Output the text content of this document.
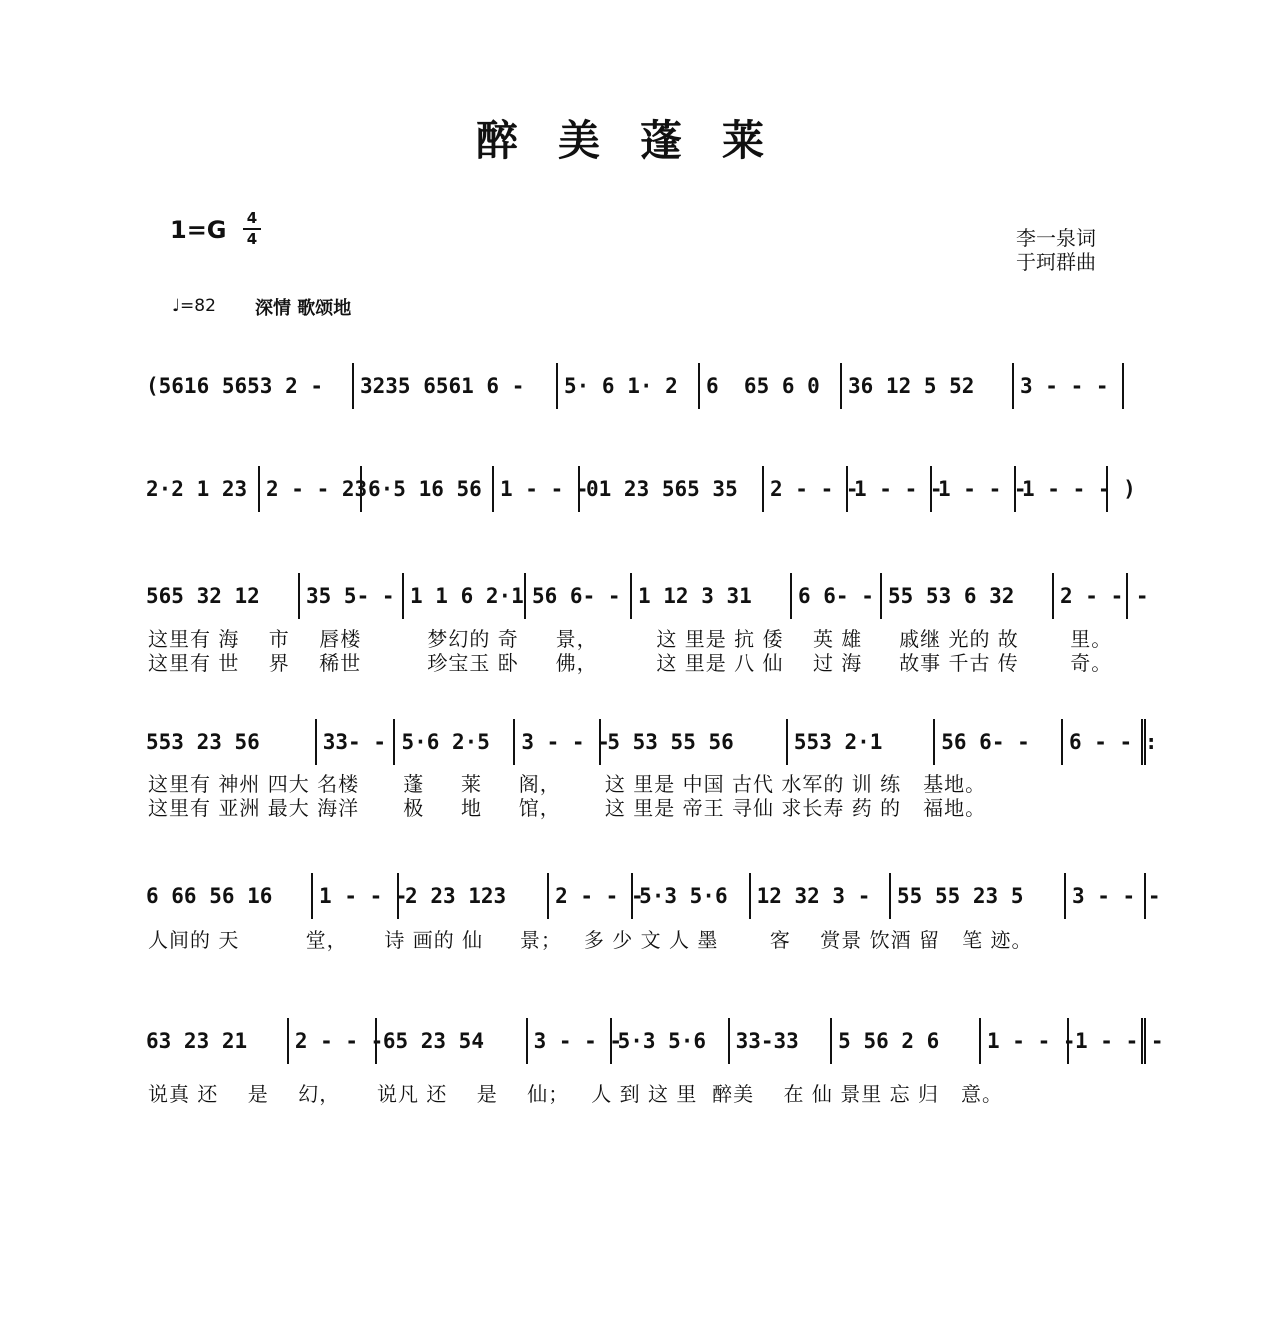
醉美蓬莱
1=G 4
4	李一泉词
于珂群曲
♩=82 深情 歌颂地
(5616 5653 2 -	3235 6561 6 -	5· 6 1· 2	6  65 6 0	36 12 5 52	3 - - -
2·2 1 23 2 - - 23 6·5 16 56 1 - - -
01 23 565 35	2 - - -
1 - - -
1 - - -
1 - - - )
565 32 12	35 5- - 1 1 6 2·1 56 6- - 1 12 3 31	6 6- - 55 53 6 32	2 - - -
这里有 海    市    唇楼         梦幻的 奇     景，        这 里是 抗 倭    英 雄     戚继 光的 故       里。
这里有 世    界    稀世         珍宝玉 卧     佛，        这 里是 八 仙    过 海     故事 千古 传       奇。
553 23 56	33- - 5·6 2·5	3 - - -
5 53 55 56	553 2·1	56 6- -	6 - - :
这里有 神州 四大 名楼      蓬     莱     阁，      这 里是 中国 古代 水军的 训 练   基地。
这里有 亚洲 最大 海洋      极     地     馆，      这 里是 帝王 寻仙 求长寿 药 的   福地。
6 66 56 16	1 - - -
2 23 123	2 - - -
5·3 5·6	12 32 3 -	55 55 23 5	3 - - -
人间的 天         堂，     诗 画的 仙     景；   多 少 文 人 墨       客    赏景 饮酒 留   笔 迹。
63 23 21	2 - - - 65 23 54	3 - - -
5·3 5·6	33-33	5 56 2 6	1 - - - 1 - - -
说真 还    是    幻，     说凡 还    是    仙；   人 到 这 里  醉美    在 仙 景里 忘 归   意。
